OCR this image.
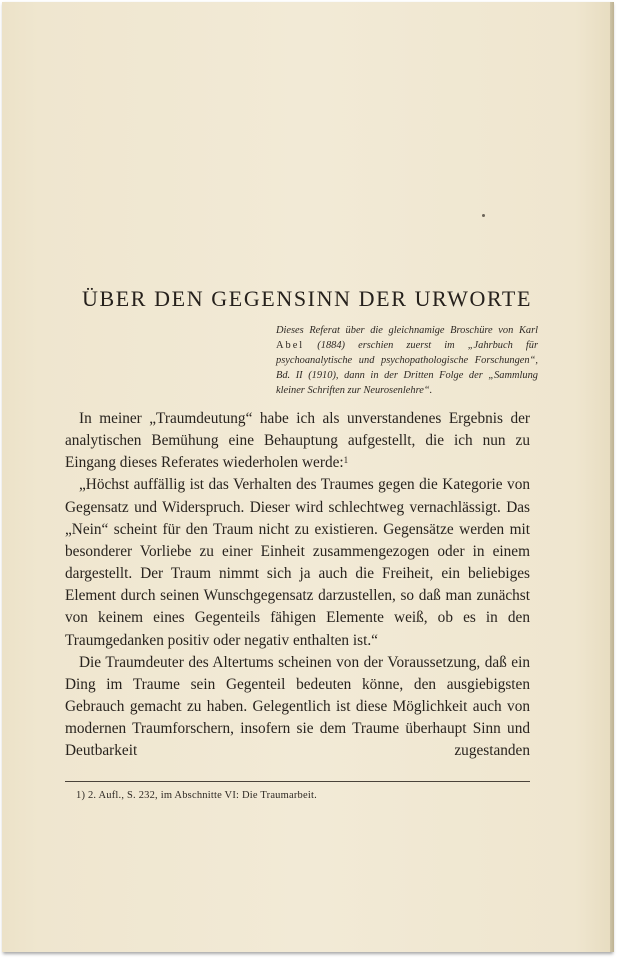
ÜBER DEN GEGENSINN DER URWORTE

Dieses Referat über die gleichnamige Broschüre von Karl Abel (1884) erschien zuerst im „Jahrbuch für psychoanalytische und psychopathologische Forschungen“, Bd. II (1910), dann in der Dritten Folge der „Sammlung kleiner Schriften zur Neurosenlehre“.

In meiner „Traumdeutung“ habe ich als unverstandenes Ergebnis der analytischen Bemühung eine Behauptung aufgestellt, die ich nun zu Eingang dieses Referates wiederholen werde:$^1$

„Höchst auffällig ist das Verhalten des Traumes gegen die Kategorie von Gegensatz und Widerspruch. Dieser wird schlechtweg vernachlässigt. Das „Nein“ scheint für den Traum nicht zu existieren. Gegensätze werden mit besonderer Vorliebe zu einer Einheit zusammengezogen oder in einem dargestellt. Der Traum nimmt sich ja auch die Freiheit, ein beliebiges Element durch seinen Wunschgegensatz darzustellen, so daß man zunächst von keinem eines Gegenteils fähigen Elemente weiß, ob es in den Traumgedanken positiv oder negativ enthalten ist.“

Die Traumdeuter des Altertums scheinen von der Voraussetzung, daß ein Ding im Traume sein Gegenteil bedeuten könne, den ausgiebigsten Gebrauch gemacht zu haben. Gelegentlich ist diese Möglichkeit auch von modernen Traumforschern, insofern sie dem Traume überhaupt Sinn und Deutbarkeit zugestanden

1) 2. Aufl., S. 232, im Abschnitte VI: Die Traumarbeit.
